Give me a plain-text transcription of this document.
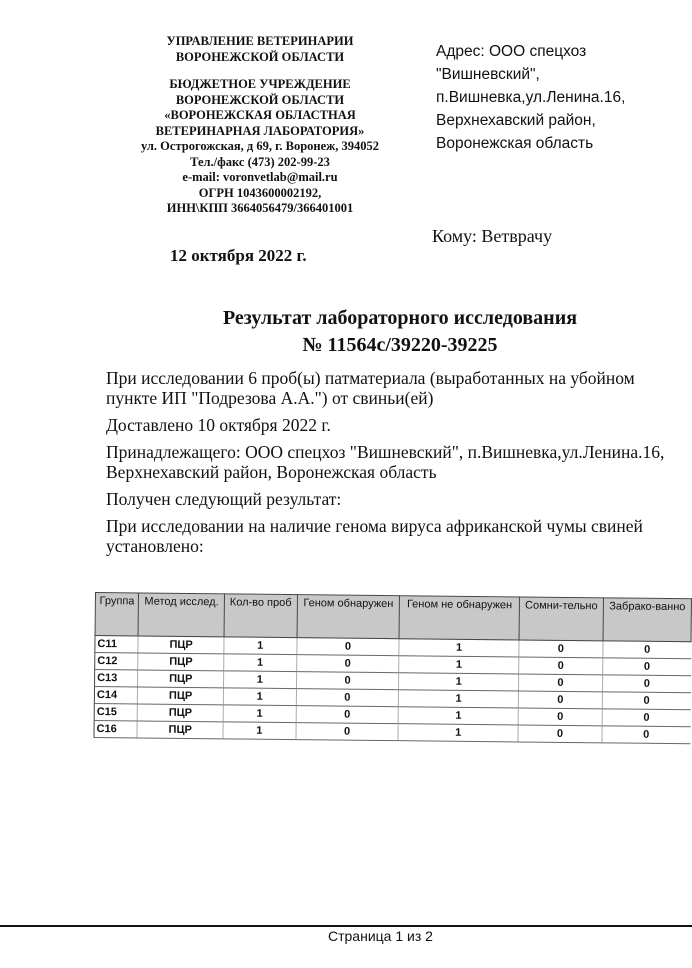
УПРАВЛЕНИЕ ВЕТЕРИНАРИИ
ВОРОНЕЖСКОЙ ОБЛАСТИ
БЮДЖЕТНОЕ УЧРЕЖДЕНИЕ
ВОРОНЕЖСКОЙ ОБЛАСТИ
«ВОРОНЕЖСКАЯ ОБЛАСТНАЯ
ВЕТЕРИНАРНАЯ ЛАБОРАТОРИЯ»
ул. Острогожская, д 69, г. Воронеж, 394052
Тел./факс (473) 202-99-23
e-mail: voronvetlab@mail.ru
ОГРН 1043600002192,
ИНН\КПП 3664056479/366401001
Адрес: ООО спецхоз
"Вишневский",
п.Вишневка,ул.Ленина.16,
Верхнехавский район,
Воронежская область
Кому: Ветврачу
12 октября 2022 г.
Результат лабораторного исследования
№ 11564с/39220-39225

При исследовании 6 проб(ы) патматериала (выработанных на убойном пункте ИП "Подрезова А.А.") от свиньи(ей)

Доставлено 10 октября 2022 г.

Принадлежащего: ООО спецхоз "Вишневский", п.Вишневка,ул.Ленина.16, Верхнехавский район, Воронежская область

Получен следующий результат:

При исследовании на наличие генома вируса африканской чумы свиней установлено:

Группа	Метод исслед.	Кол-во проб	Геном обнаружен	Геном не обнаружен	Сомни-тельно	Забрако-ванно
С11	ПЦР	1	0	1	0	0
С12	ПЦР	1	0	1	0	0
С13	ПЦР	1	0	1	0	0
С14	ПЦР	1	0	1	0	0
С15	ПЦР	1	0	1	0	0
С16	ПЦР	1	0	1	0	0
Страница 1 из 2
